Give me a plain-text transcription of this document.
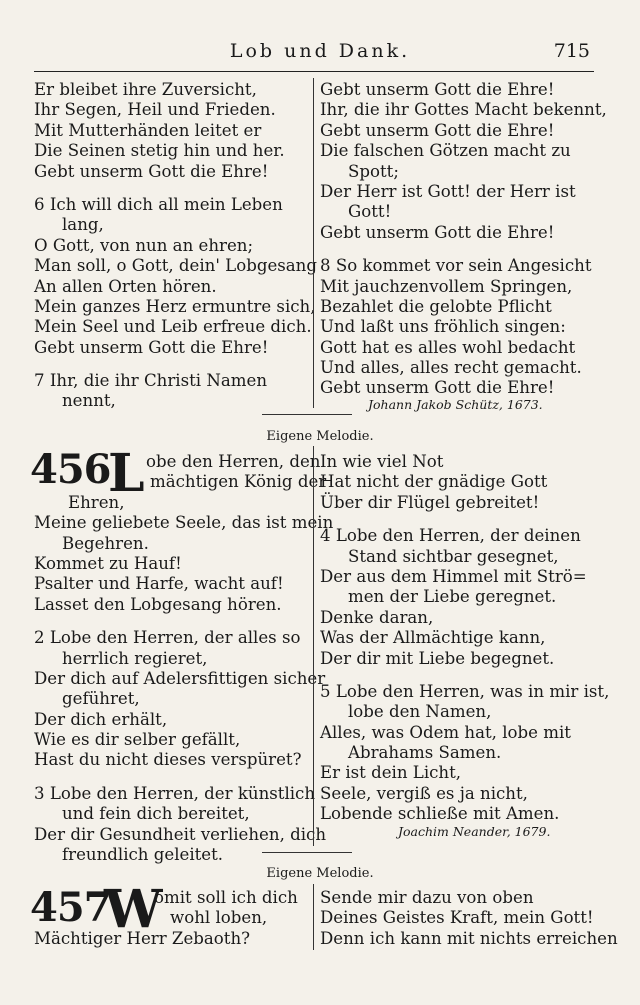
Lob und Dank.	715
Er bleibet ihre Zuversicht,
Ihr Segen, Heil und Frieden.
Mit Mutterhänden leitet er
Die Seinen stetig hin und her.
Gebt unserm Gott die Ehre!
6 Ich will dich all mein Leben
lang,
O Gott, von nun an ehren;
Man soll, o Gott, dein' Lobgesang
An allen Orten hören.
Mein ganzes Herz ermuntre sich,
Mein Seel und Leib erfreue dich.
Gebt unserm Gott die Ehre!
7 Ihr, die ihr Christi Namen
nennt,
Gebt unserm Gott die Ehre!
Ihr, die ihr Gottes Macht bekennt,
Gebt unserm Gott die Ehre!
Die falschen Götzen macht zu
Spott;
Der Herr ist Gott! der Herr ist
Gott!
Gebt unserm Gott die Ehre!
8 So kommet vor sein Angesicht
Mit jauchzenvollem Springen,
Bezahlet die gelobte Pflicht
Und laßt uns fröhlich singen:
Gott hat es alles wohl bedacht
Und alles, alles recht gemacht.
Gebt unserm Gott die Ehre!
Johann Jakob Schütz, 1673.
Eigene Melodie.
456
L obe den Herren, den
mächtigen König der
Ehren,
Meine geliebete Seele, das ist mein
Begehren.
Kommet zu Hauf!
Psalter und Harfe, wacht auf!
Lasset den Lobgesang hören.
2 Lobe den Herren, der alles so
herrlich regieret,
Der dich auf Adelersfittigen sicher
geführet,
Der dich erhält,
Wie es dir selber gefällt,
Hast du nicht dieses verspüret?
3 Lobe den Herren, der künstlich
und fein dich bereitet,
Der dir Gesundheit verliehen, dich
freundlich geleitet.
In wie viel Not
Hat nicht der gnädige Gott
Über dir Flügel gebreitet!
4 Lobe den Herren, der deinen
Stand sichtbar gesegnet,
Der aus dem Himmel mit Strö=
men der Liebe geregnet.
Denke daran,
Was der Allmächtige kann,
Der dir mit Liebe begegnet.
5 Lobe den Herren, was in mir ist,
lobe den Namen,
Alles, was Odem hat, lobe mit
Abrahams Samen.
Er ist dein Licht,
Seele, vergiß es ja nicht,
Lobende schließe mit Amen.
Joachim Neander, 1679.
Eigene Melodie.
457
W
omit soll ich dich
wohl loben,
Mächtiger Herr Zebaoth?
Sende mir dazu von oben
Deines Geistes Kraft, mein Gott!
Denn ich kann mit nichts erreichen
